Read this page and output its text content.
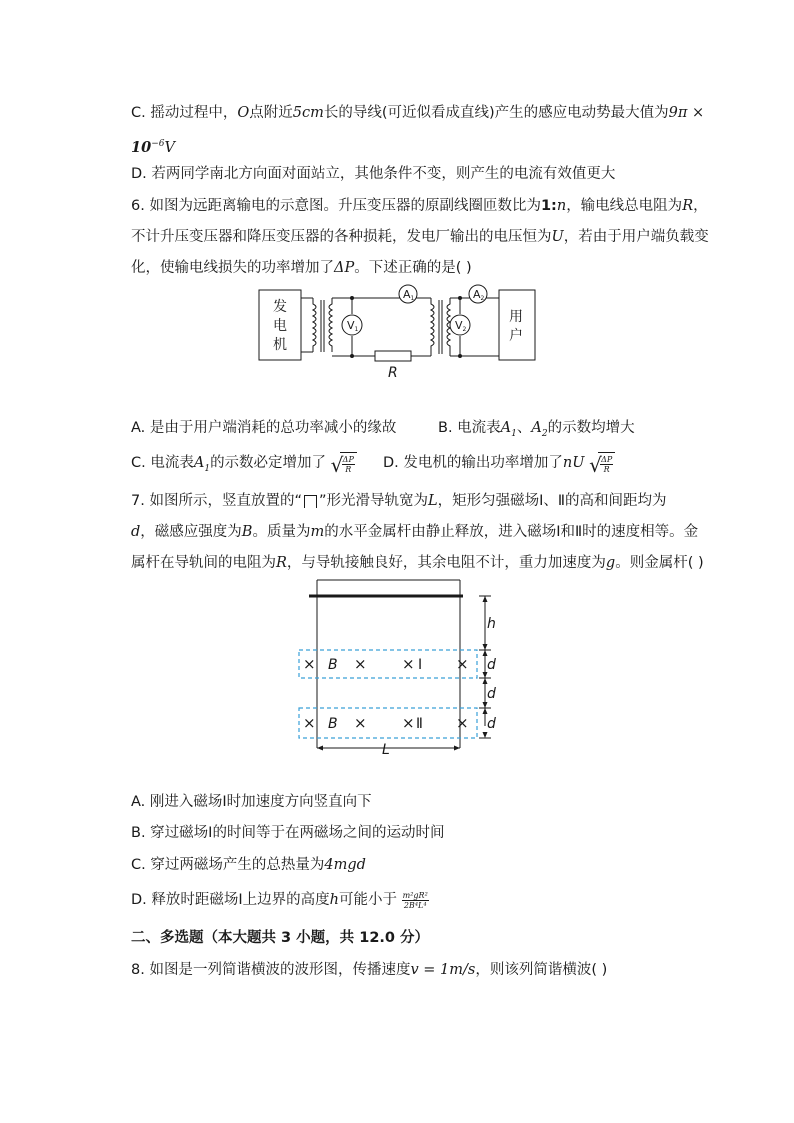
C. 摇动过程中，O点附近5cm长的导线(可近似看成直线)产生的感应电动势最大值为9π ×
$10^{-6}V$
D. 若两同学南北方向面对面站立，其他条件不变，则产生的电流有效值更大
6. 如图为远距离输电的示意图。升压变压器的原副线圈匝数比为1:n，输电线总电阻为R，
不计升压变压器和降压变压器的各种损耗，发电厂输出的电压恒为U，若由于用户端负载变
化，使输电线损失的功率增加了ΔP。下述正确的是( )
V1
A1
V2
A2
发
电
机
用
户
R
A. 是由于用户端消耗的总功率减小的缘故	B. 电流表$A_1$、$A_2$的示数均增大
C. 电流表$A_1$的示数必定增加了 √
$\frac{\Delta P}{R} D$. 发电机的输出功率增加了nU √
$\frac{\Delta P}{R}$
7. 如图所示，竖直放置的“ ”形光滑导轨宽为L，矩形匀强磁场Ⅰ、Ⅱ的高和间距均为
d，磁感应强度为B。质量为m的水平金属杆由静止释放，进入磁场Ⅰ和Ⅱ时的速度相等。金
属杆在导轨间的电阻为R，与导轨接触良好，其余电阻不计，重力加速度为g。则金属杆( )
×	× ×	×
×	× ×	×
B
B
h
d
d
d
L
Ⅰ
Ⅱ
A. 刚进入磁场Ⅰ时加速度方向竖直向下
B. 穿过磁场Ⅰ的时间等于在两磁场之间的运动时间
C. 穿过两磁场产生的总热量为4mgd
D. 释放时距磁场Ⅰ上边界的高度h可能小于 $\frac{\text{m²gR²}}{\text{2B⁴L⁴}}$
二、多选题（本大题共 3 小题，共 12.0 分）
8. 如图是一列简谐横波的波形图，传播速度v = 1m/s，则该列简谐横波( )
